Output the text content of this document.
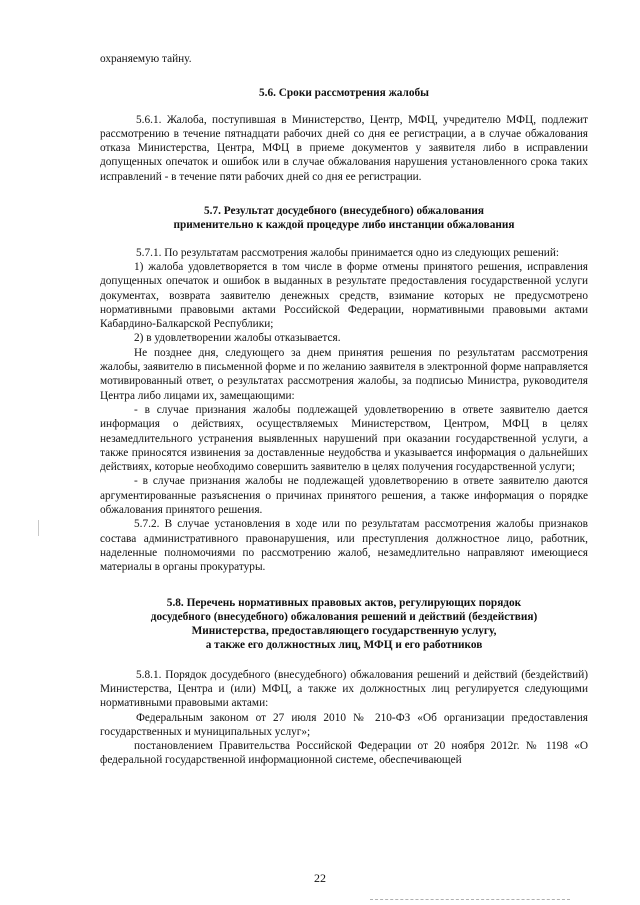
охраняемую тайну.

5.6. Сроки рассмотрения жалобы

5.6.1. Жалоба, поступившая в Министерство, Центр, МФЦ, учредителю МФЦ, подлежит рассмотрению в течение пятнадцати рабочих дней со дня ее регистрации, а в случае обжалования отказа Министерства, Центра, МФЦ в приеме документов у заявителя либо в исправлении допущенных опечаток и ошибок или в случае обжалования нарушения установленного срока таких исправлений - в течение пяти рабочих дней со дня ее регистрации.

5.7. Результат досудебного (внесудебного) обжалования
применительно к каждой процедуре либо инстанции обжалования

5.7.1. По результатам рассмотрения жалобы принимается одно из следующих решений:

1) жалоба удовлетворяется в том числе в форме отмены принятого решения, исправления допущенных опечаток и ошибок в выданных в результате предоставления государственной услуги документах, возврата заявителю денежных средств, взимание которых не предусмотрено нормативными правовыми актами Российской Федерации, нормативными правовыми актами Кабардино-Балкарской Республики;

2) в удовлетворении жалобы отказывается.

Не позднее дня, следующего за днем принятия решения по результатам рассмотрения жалобы, заявителю в письменной форме и по желанию заявителя в электронной форме направляется мотивированный ответ, о результатах рассмотрения жалобы, за подписью Министра, руководителя Центра либо лицами их, замещающими:

- в случае признания жалобы подлежащей удовлетворению в ответе заявителю дается информация о действиях, осуществляемых Министерством, Центром, МФЦ в целях незамедлительного устранения выявленных нарушений при оказании государственной услуги, а также приносятся извинения за доставленные неудобства и указывается информация о дальнейших действиях, которые необходимо совершить заявителю в целях получения государственной услуги;

- в случае признания жалобы не подлежащей удовлетворению в ответе заявителю даются аргументированные разъяснения о причинах принятого решения, а также информация о порядке обжалования принятого решения.

5.7.2. В случае установления в ходе или по результатам рассмотрения жалобы признаков состава административного правонарушения, или преступления должностное лицо, работник, наделенные полномочиями по рассмотрению жалоб, незамедлительно направляют имеющиеся материалы в органы прокуратуры.

5.8. Перечень нормативных правовых актов, регулирующих порядок
досудебного (внесудебного) обжалования решений и действий (бездействия)
Министерства, предоставляющего государственную услугу,
а также его должностных лиц, МФЦ и его работников

5.8.1. Порядок досудебного (внесудебного) обжалования решений и действий (бездействий) Министерства, Центра и (или) МФЦ, а также их должностных лиц регулируется следующими нормативными правовыми актами:

Федеральным законом от 27 июля 2010 № 210-ФЗ «Об организации предоставления государственных и муниципальных услуг»;

постановлением Правительства Российской Федерации от 20 ноября 2012г. № 1198 «О федеральной государственной информационной системе, обеспечивающей

22
